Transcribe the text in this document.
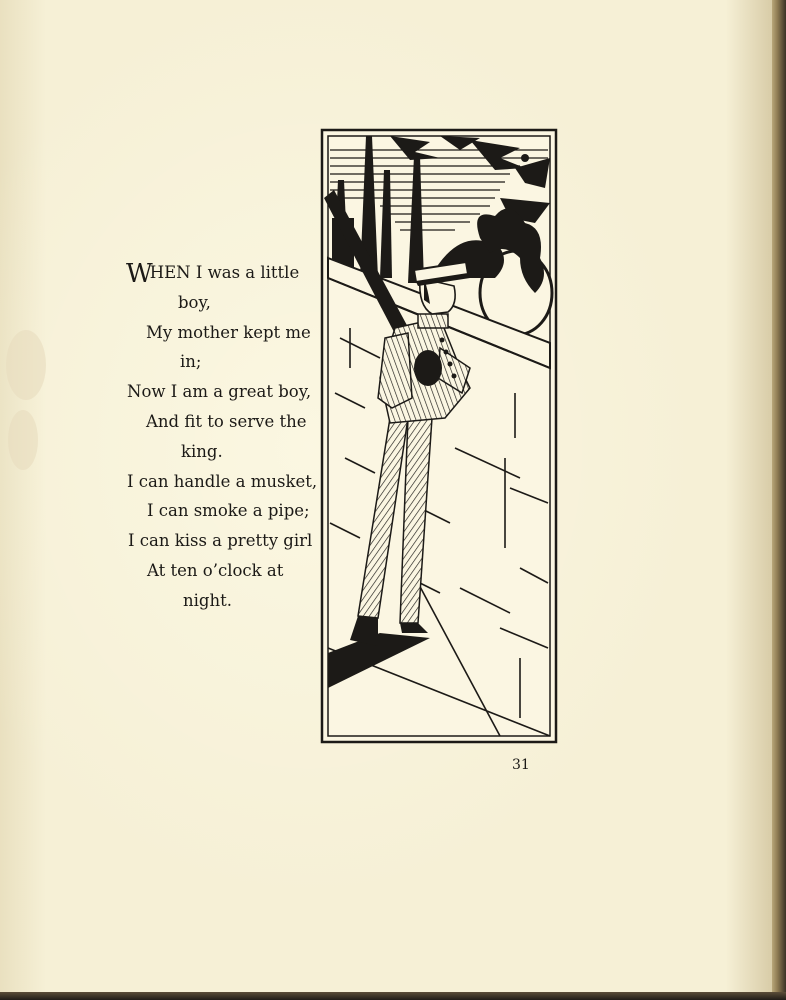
WHEN I was a little
boy,
My mother kept me
in;
Now I am a great boy,
And fit to serve the
king.
I can handle a musket,
I can smoke a pipe;
I can kiss a pretty girl
At ten o’clock at
night.
31
